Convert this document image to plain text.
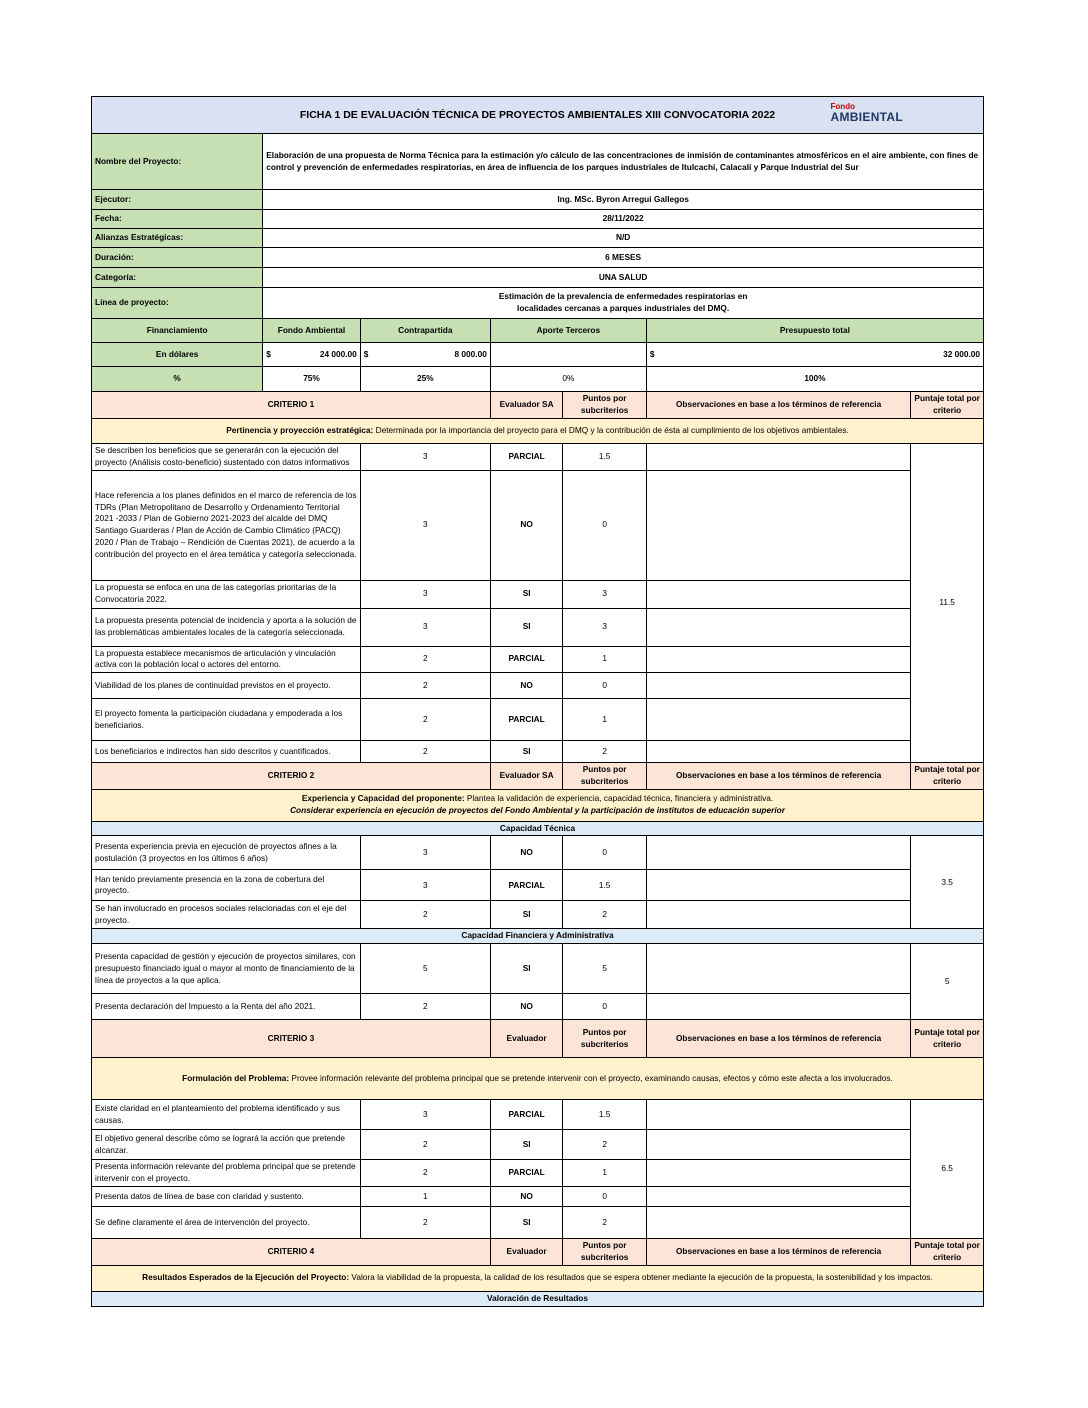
FICHA 1 DE EVALUACIÓN TÉCNICA DE PROYECTOS AMBIENTALES XIII CONVOCATORIA 2022
Fondo
AMBIENTAL						

Nombre del Proyecto:	Elaboración de una propuesta de Norma Técnica para la estimación y/o cálculo de las concentraciones de inmisión de contaminantes atmosféricos en el aire ambiente, con fines de control y prevención de enfermedades respiratorias, en área de influencia de los parques industriales de Itulcachi, Calacalí y Parque Industrial del Sur					
Ejecutor:	Ing. MSc. Byron Arregui Gallegos					
Fecha:	28/11/2022					
Alianzas Estratégicas:	N/D					
Duración:	6 MESES					
Categoría:	UNA SALUD					
Línea de proyecto:	Estimación de la prevalencia de enfermedades respiratorias en
localidades cercanas a parques industriales del DMQ.					
Financiamiento	Fondo Ambiental	Contrapartida	Aporte Terceros		Presupuesto total	
En dólares	$ 24 000.00	$ 8 000.00			$ 32 000.00	

%	75%	25%	0%		100%	
CRITERIO 1			Evaluador SA	Puntos por subcriterios	Observaciones en base a los términos de referencia	Puntaje total por criterio
Pertinencia y proyección estratégica: Determinada por la importancia del proyecto para el DMQ y la contribución de ésta al cumplimiento de los objetivos ambientales.						
Se describen los beneficios que se generarán con la ejecución del proyecto (Análisis costo-beneficio) sustentado con datos informativos		3	PARCIAL	1.5		11.5
Hace referencia a los planes definidos en el marco de referencia de los TDRs (Plan Metropolitano de Desarrollo y Ordenamiento Territorial 2021 -2033 / Plan de Gobierno 2021-2023 del alcalde del DMQ Santiago Guarderas / Plan de Acción de Cambio Climático (PACQ) 2020 / Plan de Trabajo – Rendición de Cuentas 2021), de acuerdo a la contribución del proyecto en el área temática y categoría seleccionada.		3	NO	0		
La propuesta se enfoca en una de las categorías prioritarias de la Convocatoria 2022.		3	SI	3		
La propuesta presenta potencial de incidencia y aporta a la solución de las problemáticas ambientales locales de la categoría seleccionada.		3	SI	3		
La propuesta establece mecanismos de articulación y vinculación activa con la población local o actores del entorno.		2	PARCIAL	1		
Viabilidad de los planes de continuidad previstos en el proyecto.		2	NO	0		
El proyecto fomenta la participación ciudadana y empoderada a los beneficiarios.		2	PARCIAL	1		
Los beneficiarios e indirectos han sido descritos y cuantificados.		2	SI	2		
CRITERIO 2			Evaluador SA	Puntos por subcriterios	Observaciones en base a los términos de referencia	Puntaje total por criterio
Experiencia y Capacidad del proponente: Plantea la validación de experiencia, capacidad técnica, financiera y administrativa.
Considerar experiencia en ejecución de proyectos del Fondo Ambiental y la participación de institutos de educación superior						
Capacidad Técnica						
Presenta experiencia previa en ejecución de proyectos afines a la postulación (3 proyectos en los últimos 6 años)		3	NO	0		3.5
Han tenido previamente presencia en la zona de cobertura del proyecto.		3	PARCIAL	1.5		
Se han involucrado en procesos sociales relacionadas con el eje del proyecto.		2	SI	2		
Capacidad Financiera y Administrativa						
Presenta capacidad de gestión y ejecución de proyectos similares, con presupuesto financiado igual o mayor al monto de financiamiento de la línea de proyectos a la que aplica.		5	SI	5		5
Presenta declaración del Impuesto a la Renta del año 2021.		2	NO	0		
CRITERIO 3			Evaluador	Puntos por subcriterios	Observaciones en base a los términos de referencia	Puntaje total por criterio
Formulación del Problema: Provee información relevante del problema principal que se pretende intervenir con el proyecto, examinando causas, efectos y cómo este afecta a los involucrados.						
Existe claridad en el planteamiento del problema identificado y sus causas.		3	PARCIAL	1.5		6.5
El objetivo general describe cómo se logrará la acción que pretende alcanzar.		2	SI	2		
Presenta información relevante del problema principal que se pretende intervenir con el proyecto.		2	PARCIAL	1		
Presenta datos de línea de base con claridad y sustento.		1	NO	0		
Se define claramente el área de intervención del proyecto.		2	SI	2		
CRITERIO 4			Evaluador	Puntos por subcriterios	Observaciones en base a los términos de referencia	Puntaje total por criterio
Resultados Esperados de la Ejecución del Proyecto: Valora la viabilidad de la propuesta, la calidad de los resultados que se espera obtener mediante la ejecución de la propuesta, la sostenibilidad y los impactos.						
Valoración de Resultados						
